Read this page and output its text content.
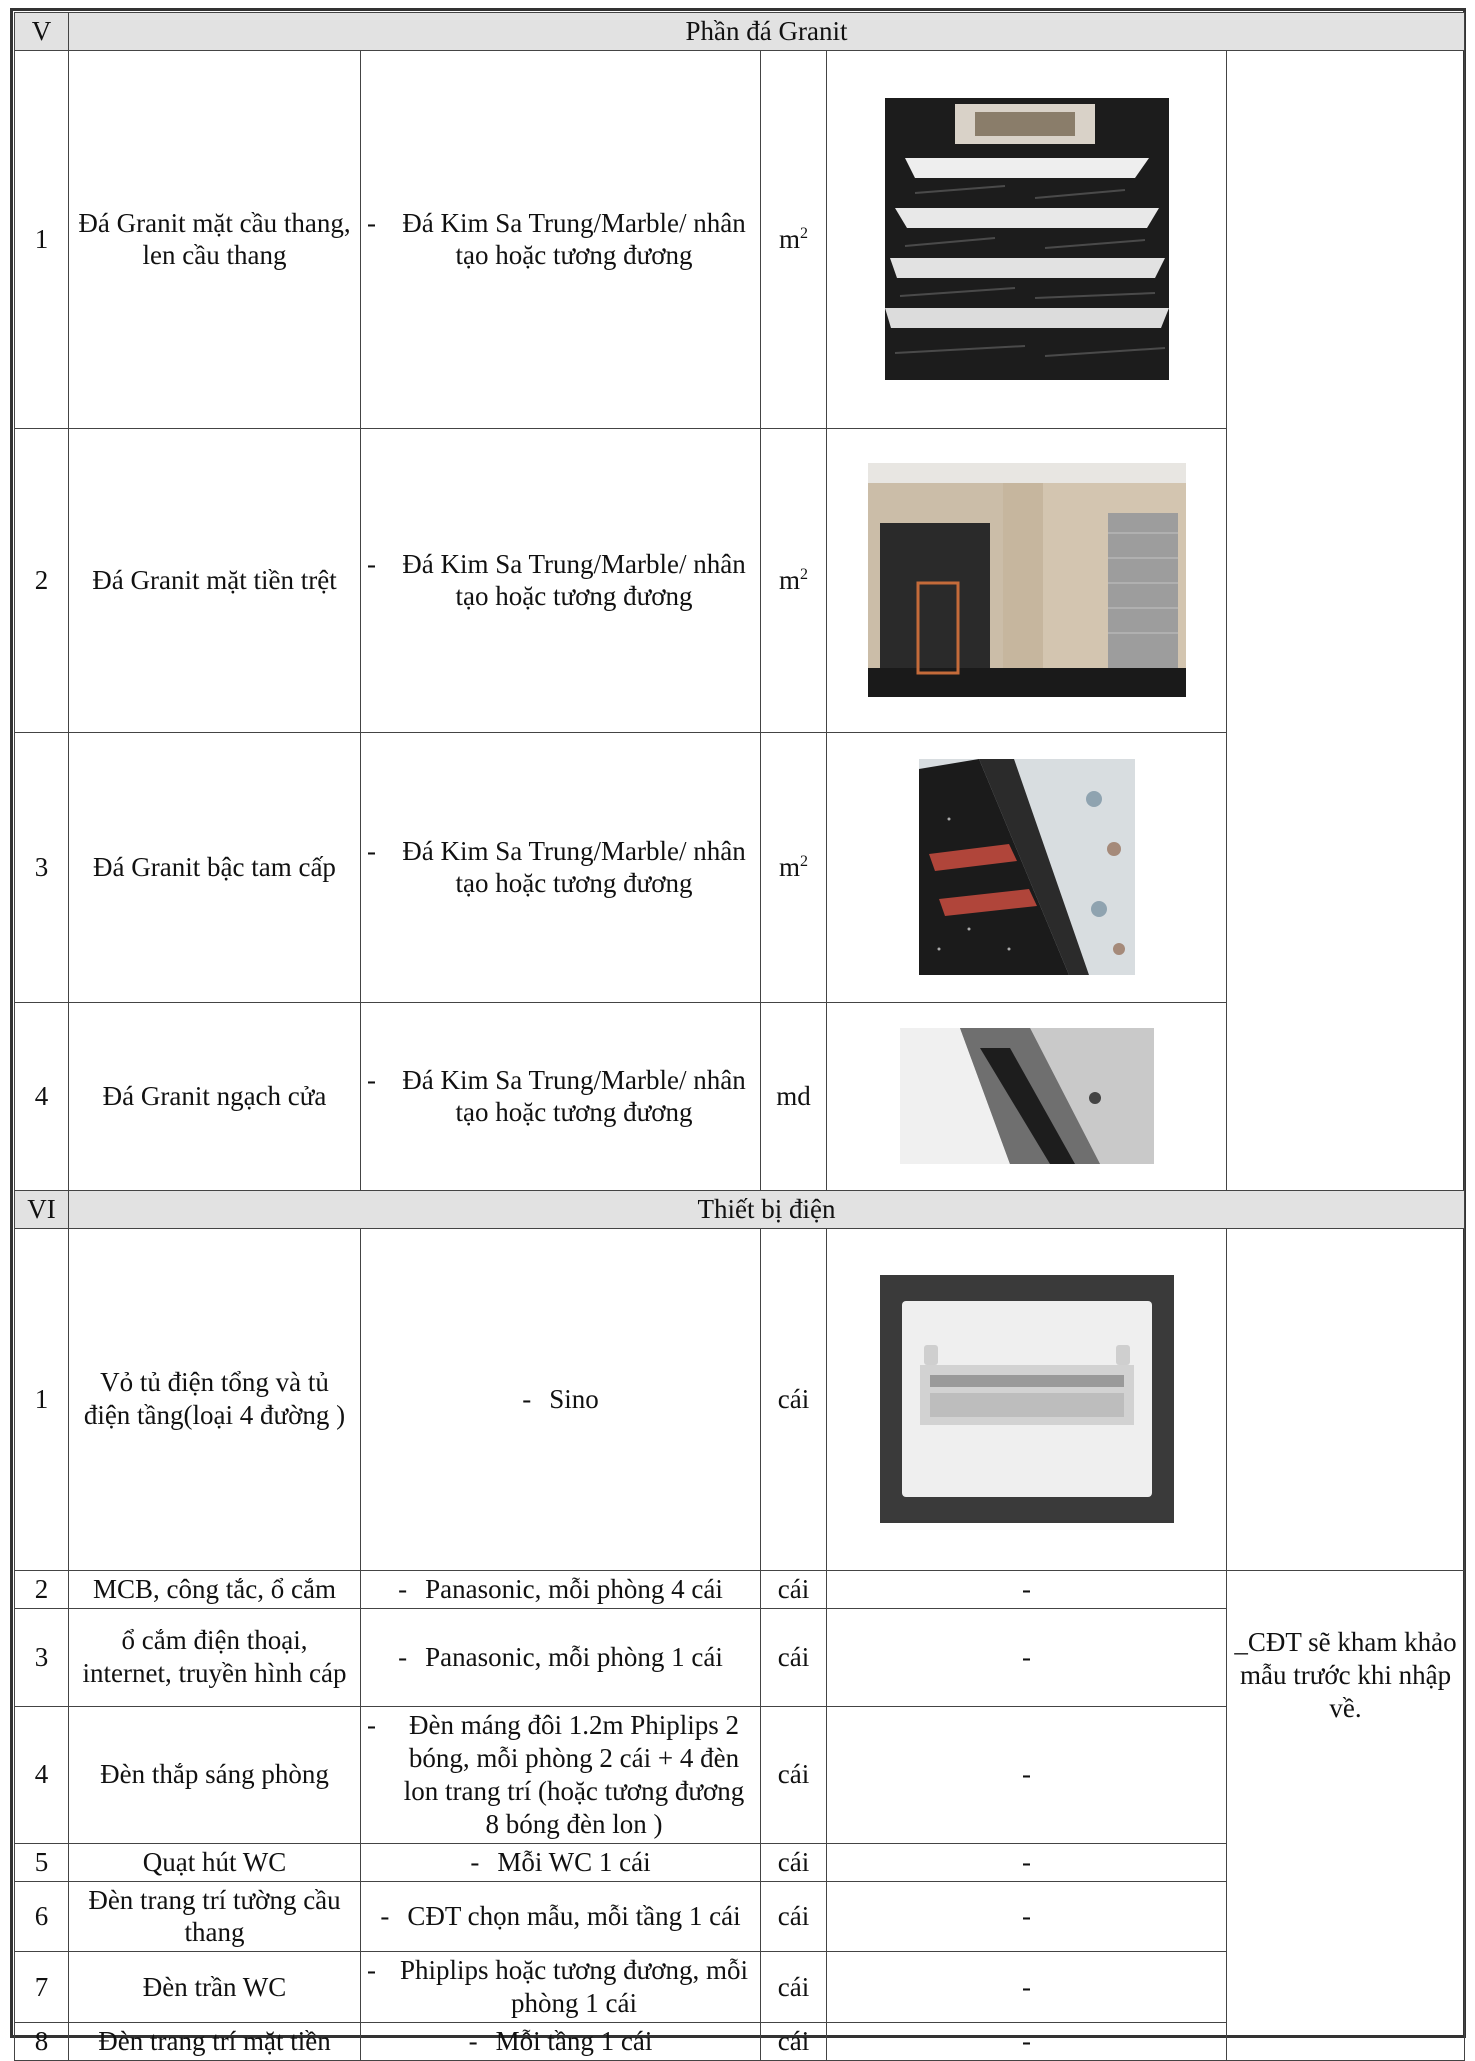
V	Phần đá Granit				
1	Đá Granit mặt cầu thang, len cầu thang	- Đá Kim Sa Trung/Marble/ nhân tạo hoặc tương đương	$m^2$	

2	Đá Granit mặt tiền trệt	- Đá Kim Sa Trung/Marble/ nhân tạo hoặc tương đương	$m^2$	

3	Đá Granit bậc tam cấp	- Đá Kim Sa Trung/Marble/ nhân tạo hoặc tương đương	$m^2$	

4	Đá Granit ngạch cửa	- Đá Kim Sa Trung/Marble/ nhân tạo hoặc tương đương	md	

VI	Thiết bị điện				
1	Vỏ tủ điện tổng và tủ điện tầng(loại 4 đường )	- Sino	cái	

2	MCB, công tắc, ổ cắm	- Panasonic, mỗi phòng 4 cái	cái	-	_CĐT sẽ kham khảo mẫu trước khi nhập về.

3	ổ cắm điện thoại, internet, truyền hình cáp	- Panasonic, mỗi phòng 1 cái	cái	-	
4	Đèn thắp sáng phòng	- Đèn máng đôi 1.2m Phiplips 2 bóng, mỗi phòng 2 cái + 4 đèn lon trang trí (hoặc tương đương 8 bóng đèn lon )	cái	-	
5	Quạt hút WC	- Mỗi WC 1 cái	cái	-	
6	Đèn trang trí tường cầu thang	- CĐT chọn mẫu, mỗi tầng 1 cái	cái	-	
7	Đèn trần WC	- Phiplips hoặc tương đương, mỗi phòng 1 cái	cái	-	
8	Đèn trang trí mặt tiền	- Mỗi tầng 1 cái	cái	-	
